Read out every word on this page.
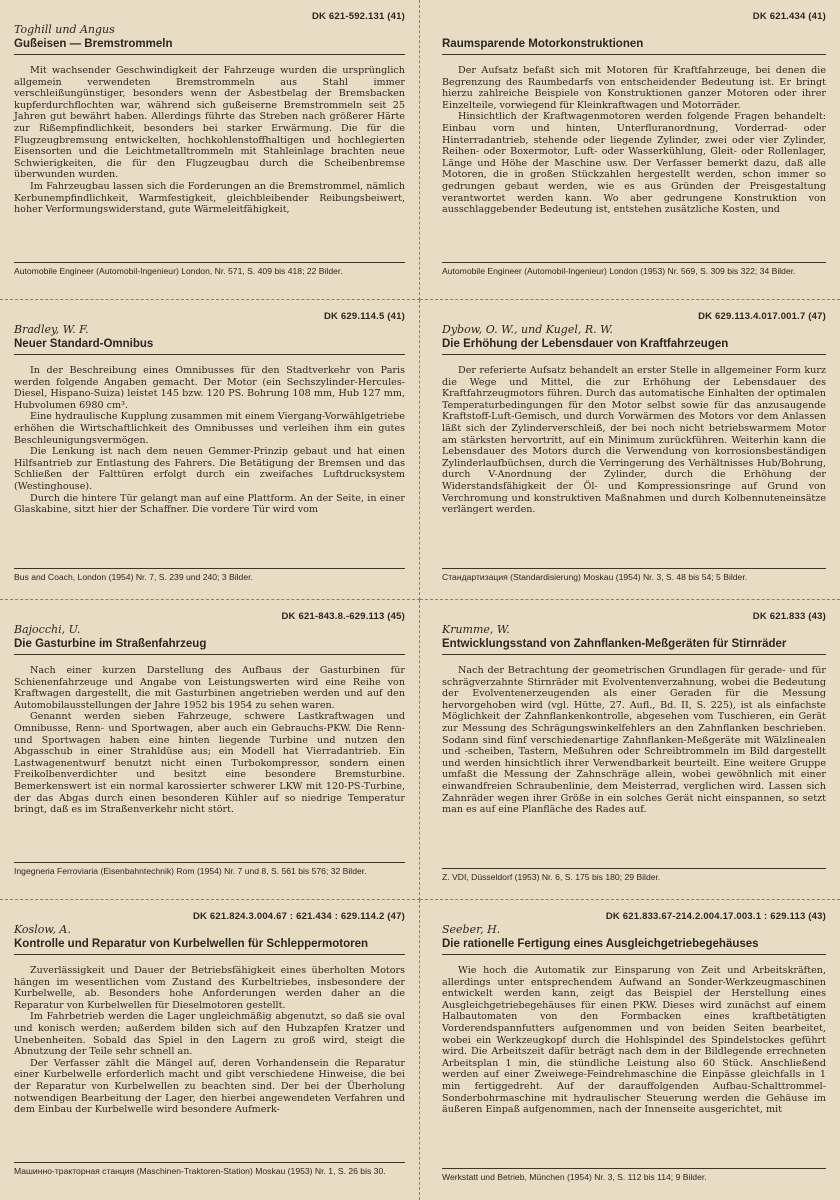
DK 621-592.131 (41)
Toghill und Angus
Gußeisen — Bremstrommeln

Mit wachsender Geschwindigkeit der Fahrzeuge wurden die ursprünglich allgemein verwendeten Bremstrommeln aus Stahl immer verschleißungünstiger, besonders wenn der Asbestbelag der Bremsbacken kupferdurchflochten war, während sich gußeiserne Bremstrommeln seit 25 Jahren gut bewährt haben. Allerdings führte das Streben nach größerer Härte zur Rißempfindlichkeit, besonders bei starker Erwärmung. Die für die Flugzeugbremsung entwickelten, hochkohlenstoffhaltigen und hochlegierten Eisensorten und die Leichtmetalltrommeln mit Stahleinlage brachten neue Schwierigkeiten, die für den Flugzeugbau durch die Scheibenbremse überwunden wurden.

Im Fahrzeugbau lassen sich die Forderungen an die Bremstrommel, nämlich Kerbunempfindlichkeit, Warmfestigkeit, gleichbleibender Reibungsbeiwert, hoher Verformungswiderstand, gute Wärmeleitfähigkeit,

Automobile Engineer (Automobil-Ingenieur) London, Nr. 571, S. 409 bis 418; 22 Bilder.
DK 621.434 (41)
Raumsparende Motorkonstruktionen

Der Aufsatz befaßt sich mit Motoren für Kraftfahrzeuge, bei denen die Begrenzung des Raumbedarfs von entscheidender Bedeutung ist. Er bringt hierzu zahlreiche Beispiele von Konstruktionen ganzer Motoren oder ihrer Einzelteile, vorwiegend für Kleinkraftwagen und Motorräder.

Hinsichtlich der Kraftwagenmotoren werden folgende Fragen behandelt: Einbau vorn und hinten, Unterfluranordnung, Vorderrad- oder Hinterradantrieb, stehende oder liegende Zylinder, zwei oder vier Zylinder, Reihen- oder Boxermotor, Luft- oder Wasserkühlung, Gleit- oder Rollenlager, Länge und Höhe der Maschine usw. Der Verfasser bemerkt dazu, daß alle Motoren, die in großen Stückzahlen hergestellt werden, schon immer so gedrungen gebaut werden, wie es aus Gründen der Preisgestaltung verantwortet werden kann. Wo aber gedrungene Konstruktion von ausschlaggebender Bedeutung ist, entstehen zusätzliche Kosten, und

Automobile Engineer (Automobil-Ingenieur) London (1953) Nr. 569, S. 309 bis 322; 34 Bilder.
DK 629.114.5 (41)
Bradley, W. F.
Neuer Standard-Omnibus

In der Beschreibung eines Omnibusses für den Stadtverkehr von Paris werden folgende Angaben gemacht. Der Motor (ein Sechszylinder-Hercules-Diesel, Hispano-Suiza) leistet 145 bzw. 120 PS. Bohrung 108 mm, Hub 127 mm, Hubvolumen 6980 cm³.

Eine hydraulische Kupplung zusammen mit einem Viergang-Vorwählgetriebe erhöhen die Wirtschaftlichkeit des Omnibusses und verleihen ihm ein gutes Beschleunigungsvermögen.

Die Lenkung ist nach dem neuen Gemmer-Prinzip gebaut und hat einen Hilfsantrieb zur Entlastung des Fahrers. Die Betätigung der Bremsen und das Schließen der Falttüren erfolgt durch ein zweifaches Luftdrucksystem (Westinghouse).

Durch die hintere Tür gelangt man auf eine Plattform. An der Seite, in einer Glaskabine, sitzt hier der Schaffner. Die vordere Tür wird vom

Bus and Coach, London (1954) Nr. 7, S. 239 und 240; 3 Bilder.
DK 629.113.4.017.001.7 (47)
Dybow, O. W., und Kugel, R. W.
Die Erhöhung der Lebensdauer von Kraftfahrzeugen

Der referierte Aufsatz behandelt an erster Stelle in allgemeiner Form kurz die Wege und Mittel, die zur Erhöhung der Lebensdauer des Kraftfahrzeugmotors führen. Durch das automatische Einhalten der optimalen Temperaturbedingungen für den Motor selbst sowie für das anzusaugende Kraftstoff-Luft-Gemisch, und durch Vorwärmen des Motors vor dem Anlassen läßt sich der Zylinderverschleiß, der bei noch nicht betriebswarmem Motor am stärksten hervortritt, auf ein Minimum zurückführen. Weiterhin kann die Lebensdauer des Motors durch die Verwendung von korrosionsbeständigen Zylinderlaufbüchsen, durch die Verringerung des Verhältnisses Hub/Bohrung, durch V-Anordnung der Zylinder, durch die Erhöhung der Widerstandsfähigkeit der Öl- und Kompressionsringe auf Grund von Verchromung und konstruktiven Maßnahmen und durch Kolbennuteneinsätze verlängert werden.

Стандартизация (Standardisierung) Moskau (1954) Nr. 3, S. 48 bis 54; 5 Bilder.
DK 621-843.8.-629.113 (45)
Bajocchi, U.
Die Gasturbine im Straßenfahrzeug

Nach einer kurzen Darstellung des Aufbaus der Gasturbinen für Schienenfahrzeuge und Angabe von Leistungswerten wird eine Reihe von Kraftwagen dargestellt, die mit Gasturbinen angetrieben werden und auf den Automobilausstellungen der Jahre 1952 bis 1954 zu sehen waren.

Genannt werden sieben Fahrzeuge, schwere Lastkraftwagen und Omnibusse, Renn- und Sportwagen, aber auch ein Gebrauchs-PKW. Die Renn- und Sportwagen haben eine hinten liegende Turbine und nutzen den Abgasschub in einer Strahldüse aus; ein Modell hat Vierradantrieb. Ein Lastwagenentwurf benutzt nicht einen Turbokompressor, sondern einen Freikolbenverdichter und besitzt eine besondere Bremsturbine. Bemerkenswert ist ein normal karossierter schwerer LKW mit 120-PS-Turbine, der das Abgas durch einen besonderen Kühler auf so niedrige Temperatur bringt, daß es im Straßenverkehr nicht stört.

Ingegneria Ferroviaria (Eisenbahntechnik) Rom (1954) Nr. 7 und 8, S. 561 bis 576; 32 Bilder.
DK 621.833 (43)
Krumme, W.
Entwicklungsstand von Zahnflanken-Meßgeräten für Stirnräder

Nach der Betrachtung der geometrischen Grundlagen für gerade- und für schrägverzahnte Stirnräder mit Evolventenverzahnung, wobei die Bedeutung der Evolventenerzeugenden als einer Geraden für die Messung hervorgehoben wird (vgl. Hütte, 27. Aufl., Bd. II, S. 225), ist als einfachste Möglichkeit der Zahnflankenkontrolle, abgesehen vom Tuschieren, ein Gerät zur Messung des Schrägungswinkelfehlers an den Zahnflanken beschrieben. Sodann sind fünf verschiedenartige Zahnflanken-Meßgeräte mit Wälzlinealen und -scheiben, Tastern, Meßuhren oder Schreibtrommeln im Bild dargestellt und werden hinsichtlich ihrer Verwendbarkeit beurteilt. Eine weitere Gruppe umfaßt die Messung der Zahnschräge allein, wobei gewöhnlich mit einer einwandfreien Schraubenlinie, dem Meisterrad, verglichen wird. Lassen sich Zahnräder wegen ihrer Größe in ein solches Gerät nicht einspannen, so setzt man es auf eine Planfläche des Rades auf.

Z. VDI, Düsseldorf (1953) Nr. 6, S. 175 bis 180; 29 Bilder.
DK 621.824.3.004.67 : 621.434 : 629.114.2 (47)
Koslow, A.
Kontrolle und Reparatur von Kurbelwellen für Schleppermotoren

Zuverlässigkeit und Dauer der Betriebsfähigkeit eines überholten Motors hängen im wesentlichen vom Zustand des Kurbeltriebes, insbesondere der Kurbelwelle, ab. Besonders hohe Anforderungen werden daher an die Reparatur von Kurbelwellen für Dieselmotoren gestellt.

Im Fahrbetrieb werden die Lager ungleichmäßig abgenutzt, so daß sie oval und konisch werden; außerdem bilden sich auf den Hubzapfen Kratzer und Unebenheiten. Sobald das Spiel in den Lagern zu groß wird, steigt die Abnutzung der Teile sehr schnell an.

Der Verfasser zählt die Mängel auf, deren Vorhandensein die Reparatur einer Kurbelwelle erforderlich macht und gibt verschiedene Hinweise, die bei der Reparatur von Kurbelwellen zu beachten sind. Der bei der Überholung notwendigen Bearbeitung der Lager, den hierbei angewendeten Verfahren und dem Einbau der Kurbelwelle wird besondere Aufmerk-

Машинно-тракторная станция (Maschinen-Traktoren-Station) Moskau (1953) Nr. 1, S. 26 bis 30.
DK 621.833.67-214.2.004.17.003.1 : 629.113 (43)
Seeber, H.
Die rationelle Fertigung eines Ausgleichgetriebegehäuses

Wie hoch die Automatik zur Einsparung von Zeit und Arbeitskräften, allerdings unter entsprechendem Aufwand an Sonder-Werkzeugmaschinen entwickelt werden kann, zeigt das Beispiel der Herstellung eines Ausgleichgetriebegehäuses für einen PKW. Dieses wird zunächst auf einem Halbautomaten von den Formbacken eines kraftbetätigten Vorderendspannfutters aufgenommen und von beiden Seiten bearbeitet, wobei ein Werkzeugkopf durch die Hohlspindel des Spindelstockes geführt wird. Die Arbeitszeit dafür beträgt nach dem in der Bildlegende errechneten Arbeitsplan 1 min, die stündliche Leistung also 60 Stück. Anschließend werden auf einer Zweiwege-Feindrehmaschine die Einpässe gleichfalls in 1 min fertiggedreht. Auf der darauffolgenden Aufbau-Schalttrommel-Sonderbohrmaschine mit hydraulischer Steuerung werden die Gehäuse im äußeren Einpaß aufgenommen, nach der Innenseite ausgerichtet, mit

Werkstatt und Betrieb, München (1954) Nr. 3, S. 112 bis 114; 9 Bilder.
